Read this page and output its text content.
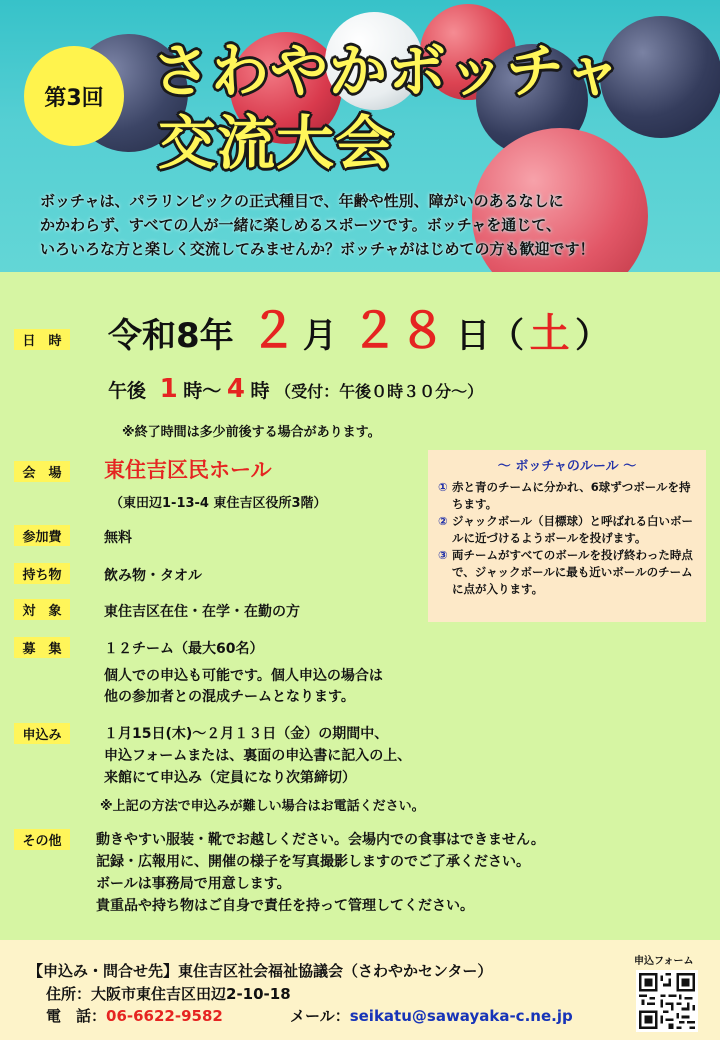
第3回 さわやかボッチャ
交流大会
ボッチャは、パラリンピックの正式種目で、年齢や性別、障がいのあるなしに
かかわらず、すべての人が一緒に楽しめるスポーツです。ボッチャを通じて、
いろいろな方と楽しく交流してみませんか？ボッチャがはじめての方も歓迎です！
日　時 令和8年 ２ 月 ２８ 日（ 土 ）
午後 1 時～ 4 時 （受付：午後０時３０分～）
※終了時間は多少前後する場合があります。
会　場	東住吉区民ホール
（東田辺1-13-4 東住吉区役所3階）
～ ボッチャのルール ～
① 赤と青のチームに分かれ、6球ずつボールを持ちます。
② ジャックボール（目標球）と呼ばれる白いボールに近づけるようボールを投げます。
③ 両チームがすべてのボールを投げ終わった時点で、ジャックボールに最も近いボールのチームに点が入ります。
参加費	無料
持ち物	飲み物・タオル
対　象	東住吉区在住・在学・在勤の方
募　集	１２チーム（最大60名）
個人での申込も可能です。個人申込の場合は
他の参加者との混成チームとなります。
申込み	１月15日(木)～２月１３日（金）の期間中、
申込フォームまたは、裏面の申込書に記入の上、
来館にて申込み（定員になり次第締切）
※上記の方法で申込みが難しい場合はお電話ください。
その他	動きやすい服装・靴でお越しください。会場内での食事はできません。
記録・広報用に、開催の様子を写真撮影しますのでご了承ください。
ボールは事務局で用意します。
貴重品や持ち物はご自身で責任を持って管理してください。
【申込み・問合せ先】東住吉区社会福祉協議会（さわやかセンター）
住所：大阪市東住吉区田辺2-10-18
電　話：06-6622-9582	メール：seikatu@sawayaka-c.ne.jp
申込フォーム
